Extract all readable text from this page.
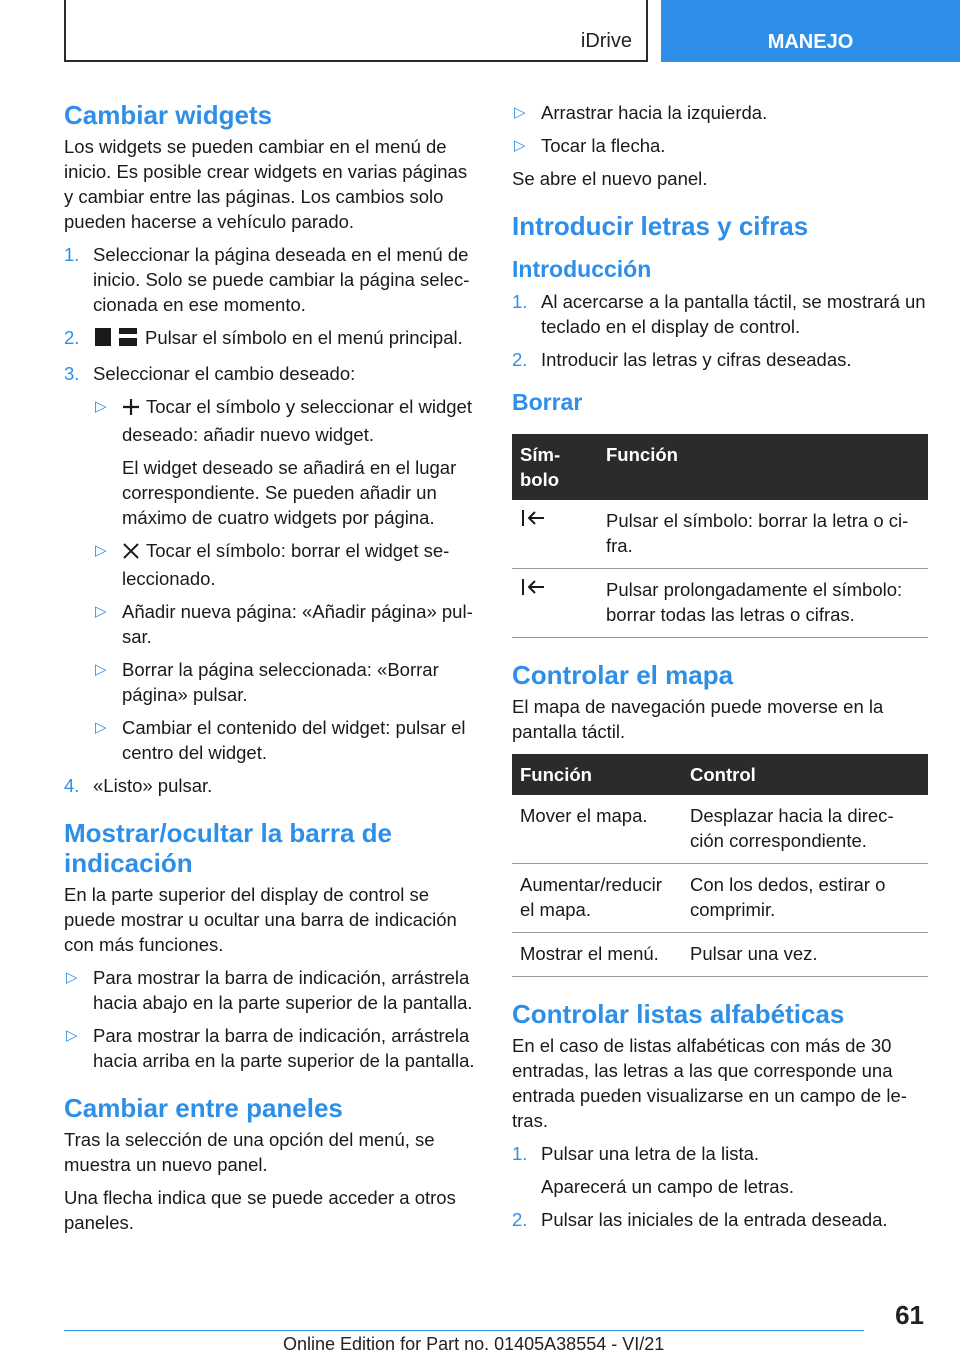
iDrive	MANEJO
Cambiar widgets

Los widgets se pueden cambiar en el menú de inicio. Es posible crear widgets en varias páginas y cambiar entre las páginas. Los cambios solo pueden hacerse a vehículo parado.

1. Seleccionar la página deseada en el menú de inicio. Solo se puede cambiar la página seleccionada en ese momento.
2.	Pulsar el símbolo en el menú principal.
3. Seleccionar el cambio deseado:
▷ Tocar el símbolo y seleccionar el widget deseado: añadir nuevo widget.
El widget deseado se añadirá en el lugar correspondiente. Se pueden añadir un máximo de cuatro widgets por página.
▷ Tocar el símbolo: borrar el widget seleccionado.
▷ Añadir nueva página: «Añadir página» pulsar.
▷ Borrar la página seleccionada: «Borrar página» pulsar.
▷ Cambiar el contenido del widget: pulsar el centro del widget.
4. «Listo» pulsar.
Mostrar/ocultar la barra de indicación

En la parte superior del display de control se puede mostrar u ocultar una barra de indicación con más funciones.

▷ Para mostrar la barra de indicación, arrástrela hacia abajo en la parte superior de la pantalla.
▷ Para mostrar la barra de indicación, arrástrela hacia arriba en la parte superior de la pantalla.
Cambiar entre paneles

Tras la selección de una opción del menú, se muestra un nuevo panel.

Una flecha indica que se puede acceder a otros paneles.

▷ Arrastrar hacia la izquierda.
▷ Tocar la flecha.

Se abre el nuevo panel.

Introducir letras y cifras
Introducción
1. Al acercarse a la pantalla táctil, se mostrará un teclado en el display de control.
2. Introducir las letras y cifras deseadas.
Borrar
Símbolo	Función
	Pulsar el símbolo: borrar la letra o cifra.
	Pulsar prolongadamente el símbolo: borrar todas las letras o cifras.
Controlar el mapa

El mapa de navegación puede moverse en la pantalla táctil.

Función	Control
Mover el mapa.	Desplazar hacia la dirección correspondiente.
Aumentar/reducir el mapa.	Con los dedos, estirar o comprimir.
Mostrar el menú.	Pulsar una vez.
Controlar listas alfabéticas

En el caso de listas alfabéticas con más de 30 entradas, las letras a las que corresponde una entrada pueden visualizarse en un campo de letras.

1. Pulsar una letra de la lista.
Aparecerá un campo de letras.
2. Pulsar las iniciales de la entrada deseada.
61
Online Edition for Part no. 01405A38554 - VI/21
